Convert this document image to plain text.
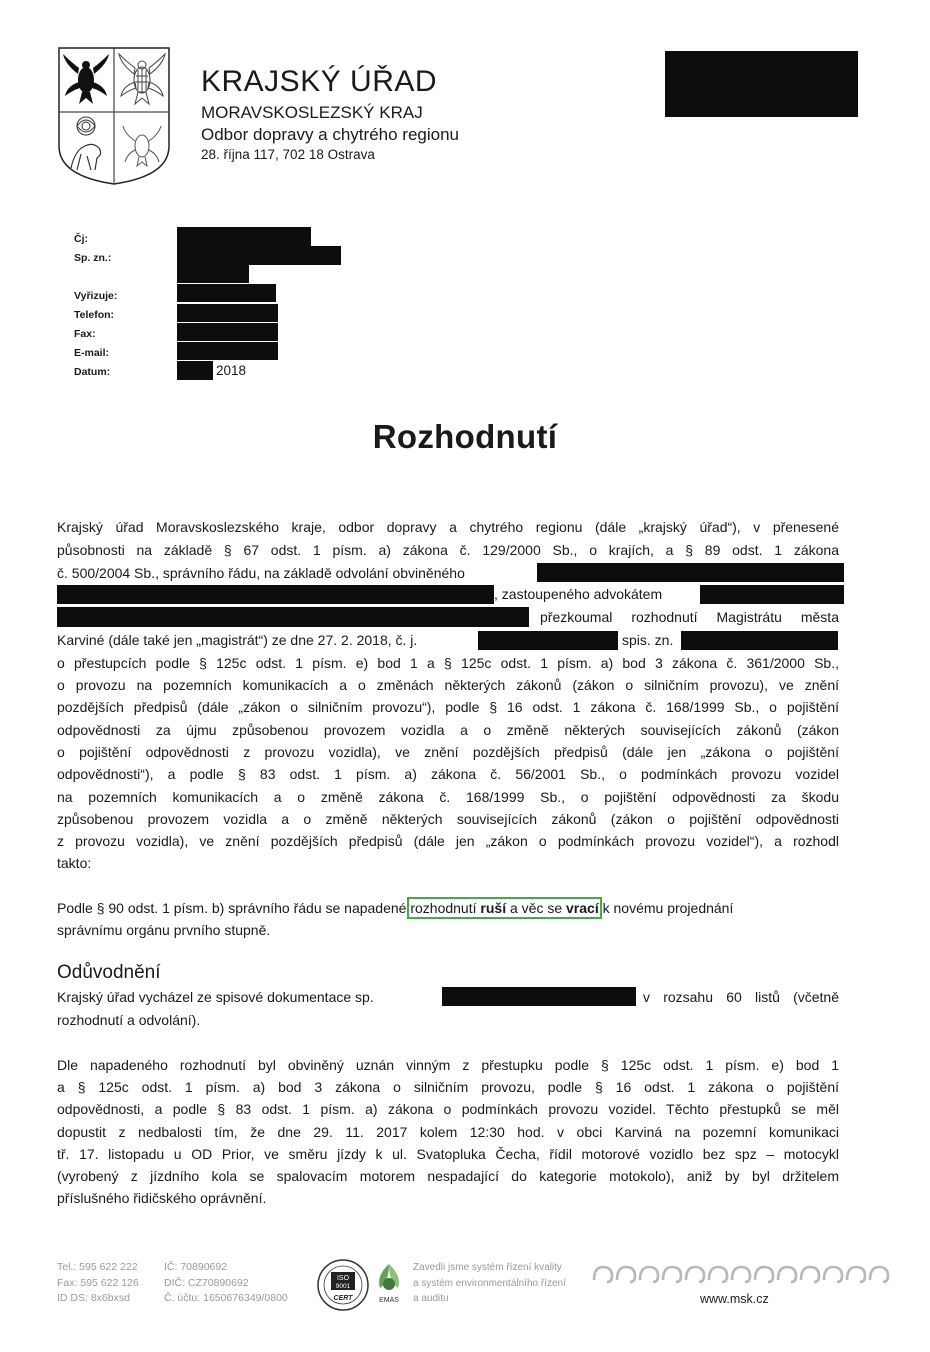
KRAJSKÝ ÚŘAD
MORAVSKOSLEZSKÝ KRAJ
Odbor dopravy a chytrého regionu
28. října 117, 702 18 Ostrava
Čj:
Sp. zn.:
Vyřizuje:
Telefon:
Fax:
E-mail:
Datum:	2018
Rozhodnutí
Krajský úřad Moravskoslezského kraje, odbor dopravy a chytrého regionu (dále „krajský úřad“), v přenesené
působnosti na základě § 67 odst. 1 písm. a) zákona č. 129/2000 Sb., o krajích, a § 89 odst. 1 zákona
č. 500/2004 Sb., správního řádu, na základě odvolání obviněného
, zastoupeného advokátem
přezkoumal rozhodnutí Magistrátu města
Karviné (dále také jen „magistrát“) ze dne 27. 2. 2018, č. j.	spis. zn.
o přestupcích podle § 125c odst. 1 písm. e) bod 1 a § 125c odst. 1 písm. a) bod 3 zákona č. 361/2000 Sb.,
o provozu na pozemních komunikacích a o změnách některých zákonů (zákon o silničním provozu), ve znění
pozdějších předpisů (dále „zákon o silničním provozu“), podle § 16 odst. 1 zákona č. 168/1999 Sb., o pojištění
odpovědnosti za újmu způsobenou provozem vozidla a o změně některých souvisejících zákonů (zákon
o pojištění odpovědnosti z provozu vozidla), ve znění pozdějších předpisů (dále jen „zákona o pojištění
odpovědnosti“), a podle § 83 odst. 1 písm. a) zákona č. 56/2001 Sb., o podmínkách provozu vozidel
na pozemních komunikacích a o změně zákona č. 168/1999 Sb., o pojištění odpovědnosti za škodu
způsobenou provozem vozidla a o změně některých souvisejících zákonů (zákon o pojištění odpovědnosti
z provozu vozidla), ve znění pozdějších předpisů (dále jen „zákon o podmínkách provozu vozidel“), a rozhodl
takto:
Podle § 90 odst. 1 písm. b) správního řádu se napadené rozhodnutí ruší a věc se vrací k novému projednání
správnímu orgánu prvního stupně.
Odůvodnění
Krajský úřad vycházel ze spisové dokumentace sp.	v rozsahu 60 listů (včetně
rozhodnutí a odvolání).
Dle napadeného rozhodnutí byl obviněný uznán vinným z přestupku podle § 125c odst. 1 písm. e) bod 1
a § 125c odst. 1 písm. a) bod 3 zákona o silničním provozu, podle § 16 odst. 1 zákona o pojištění
odpovědnosti, a podle § 83 odst. 1 písm. a) zákona o podmínkách provozu vozidel. Těchto přestupků se měl
dopustit z nedbalosti tím, že dne 29. 11. 2017 kolem 12:30 hod. v obci Karviná na pozemní komunikaci
tř. 17. listopadu u OD Prior, ve směru jízdy k ul. Svatopluka Čecha, řídil motorové vozidlo bez spz – motocykl
(vyrobený z jízdního kola se spalovacím motorem nespadající do kategorie motokolo), aniž by byl držitelem
příslušného řidičského oprávnění.
Tel.: 595 622 222
Fax: 595 622 126
ID DS: 8x6bxsd
IČ: 70890692
DIČ: CZ70890692
Č. účtu: 1650676349/0800
ISO
9001
CERT	EMAS
Zavedli jsme systém řízení kvality
a systém environmentálního řízení
a auditu	www.msk.cz
